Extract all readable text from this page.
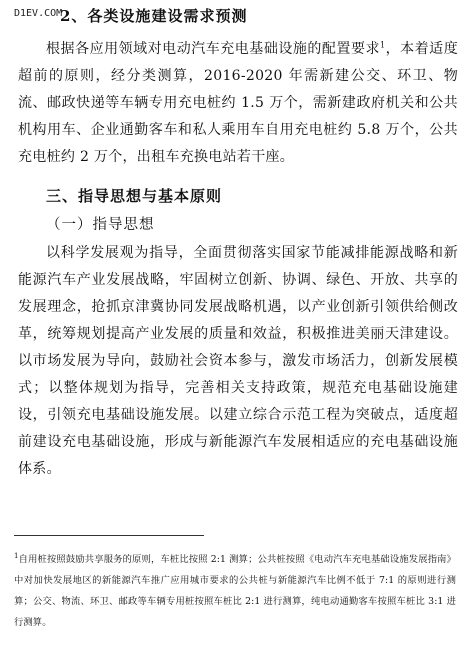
2、各类设施建设需求预测
D1EV.COM

根据各应用领域对电动汽车充电基础设施的配置要求$^1$，本着适度超前的原则，经分类测算，2016-2020 年需新建公交、环卫、物流、邮政快递等车辆专用充电桩约 1.5 万个，需新建政府机关和公共机构用车、企业通勤客车和私人乘用车自用充电桩约 5.8 万个，公共充电桩约 2 万个，出租车充换电站若干座。

三、指导思想与基本原则
（一）指导思想

以科学发展观为指导，全面贯彻落实国家节能减排能源战略和新能源汽车产业发展战略，牢固树立创新、协调、绿色、开放、共享的发展理念，抢抓京津冀协同发展战略机遇，以产业创新引领供给侧改革，统筹规划提高产业发展的质量和效益，积极推进美丽天津建设。以市场发展为导向，鼓励社会资本参与，激发市场活力，创新发展模式；以整体规划为指导，完善相关支持政策，规范充电基础设施建设，引领充电基础设施发展。以建立综合示范工程为突破点，适度超前建设充电基础设施，形成与新能源汽车发展相适应的充电基础设施体系。

$^1$自用桩按照鼓励共享服务的原则，车桩比按照 2:1 测算；公共桩按照《电动汽车充电基础设施发展指南》中对加快发展地区的新能源汽车推广应用城市要求的公共桩与新能源汽车比例不低于 7:1 的原则进行测算；公交、物流、环卫、邮政等车辆专用桩按照车桩比 2:1 进行测算，纯电动通勤客车按照车桩比 3:1 进行测算。
